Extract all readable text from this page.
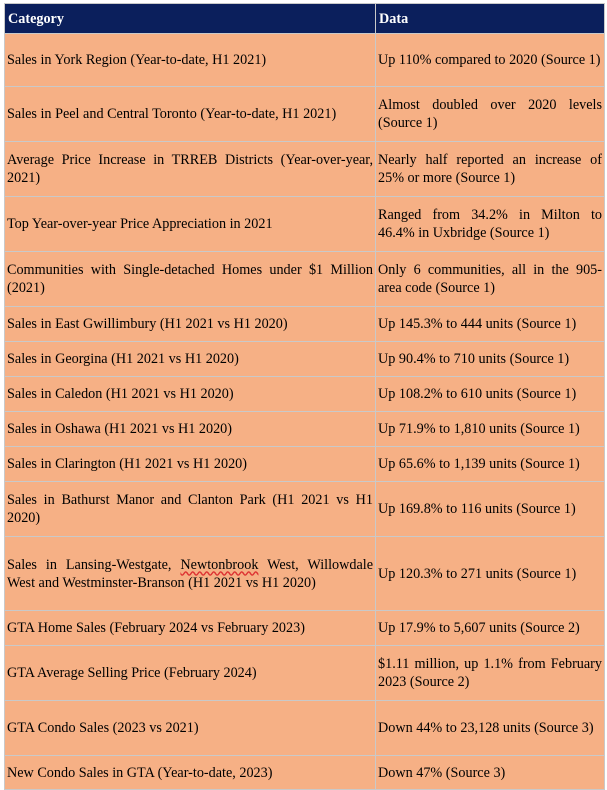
Category	Data
Sales in York Region (Year-to-date, H1 2021)	Up 110% compared to 2020 (Source 1)
Sales in Peel and Central Toronto (Year-to-date, H1 2021)	Almost doubled over 2020 levels (Source 1)
Average Price Increase in TRREB Districts (Year-over-year, 2021)	Nearly half reported an increase of 25% or more (Source 1)
Top Year-over-year Price Appreciation in 2021	Ranged from 34.2% in Milton to 46.4% in Uxbridge (Source 1)
Communities with Single-detached Homes under $1 Million (2021)	Only 6 communities, all in the 905-area code (Source 1)
Sales in East Gwillimbury (H1 2021 vs H1 2020)	Up 145.3% to 444 units (Source 1)
Sales in Georgina (H1 2021 vs H1 2020)	Up 90.4% to 710 units (Source 1)
Sales in Caledon (H1 2021 vs H1 2020)	Up 108.2% to 610 units (Source 1)
Sales in Oshawa (H1 2021 vs H1 2020)	Up 71.9% to 1,810 units (Source 1)
Sales in Clarington (H1 2021 vs H1 2020)	Up 65.6% to 1,139 units (Source 1)
Sales in Bathurst Manor and Clanton Park (H1 2021 vs H1 2020)	Up 169.8% to 116 units (Source 1)
Sales in Lansing-Westgate, Newtonbrook West, Willowdale West and Westminster-Branson (H1 2021 vs H1 2020)	Up 120.3% to 271 units (Source 1)
GTA Home Sales (February 2024 vs February 2023)	Up 17.9% to 5,607 units (Source 2)
GTA Average Selling Price (February 2024)	$1.11 million, up 1.1% from February 2023 (Source 2)
GTA Condo Sales (2023 vs 2021)	Down 44% to 23,128 units (Source 3)
New Condo Sales in GTA (Year-to-date, 2023)	Down 47% (Source 3)
